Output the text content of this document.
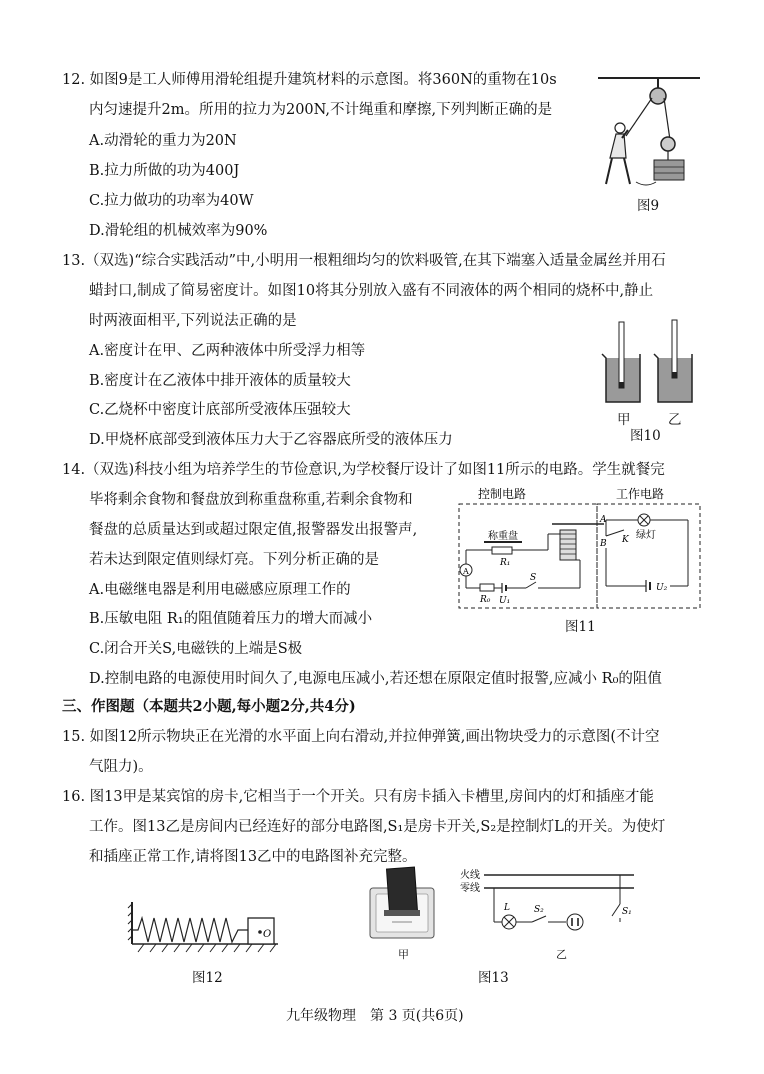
12. 如图9是工人师傅用滑轮组提升建筑材料的示意图。将360N的重物在10s
内匀速提升2m。所用的拉力为200N,不计绳重和摩擦,下列判断正确的是
A.动滑轮的重力为20N
B.拉力所做的功为400J
C.拉力做功的功率为40W
D.滑轮组的机械效率为90%
图9
13.（双选)“综合实践活动”中,小明用一根粗细均匀的饮料吸管,在其下端塞入适量金属丝并用石
蜡封口,制成了简易密度计。如图10将其分别放入盛有不同液体的两个相同的烧杯中,静止
时两液面相平,下列说法正确的是
A.密度计在甲、乙两种液体中所受浮力相等
B.密度计在乙液体中排开液体的质量较大
C.乙烧杯中密度计底部所受液体压强较大
D.甲烧杯底部受到液体压力大于乙容器底所受的液体压力
甲	乙
图10
14.（双选)科技小组为培养学生的节俭意识,为学校餐厅设计了如图11所示的电路。学生就餐完
毕将剩余食物和餐盘放到称重盘称重,若剩余食物和
餐盘的总质量达到或超过限定值,报警器发出报警声,
若未达到限定值则绿灯亮。下列分析正确的是
A.电磁继电器是利用电磁感应原理工作的
B.压敏电阻 R₁的阻值随着压力的增大而减小
C.闭合开关S,电磁铁的上端是S极
D.控制电路的电源使用时间久了,电源电压减小,若还想在原限定值时报警,应减小 R₀的阻值
控制电路	工作电路
称重盘
R₁
A
R₀ U₁
S
A
B K 绿灯
U₂
图11
三、作图题（本题共2小题,每小题2分,共4分)
15. 如图12所示物块正在光滑的水平面上向右滑动,并拉伸弹簧,画出物块受力的示意图(不计空
气阻力)。
16. 图13甲是某宾馆的房卡,它相当于一个开关。只有房卡插入卡槽里,房间内的灯和插座才能
工作。图13乙是房间内已经连好的部分电路图,S₁是房卡开关,S₂是控制灯L的开关。为使灯
和插座正常工作,请将图13乙中的电路图补充完整。
O
图12
甲
火线
零线
L	S₂	S₁
乙
图13
九年级物理　第 3 页(共6页)
